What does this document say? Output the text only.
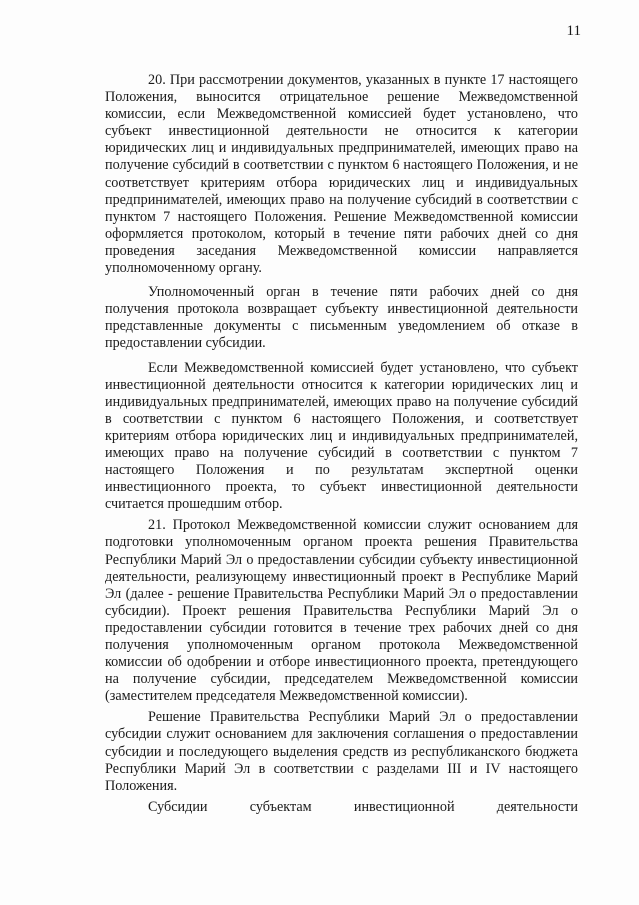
11

20. При рассмотрении документов, указанных в пункте 17 настоящего Положения, выносится отрицательное решение Межведомственной комиссии, если Межведомственной комиссией будет установлено, что субъект инвестиционной деятельности не относится к категории юридических лиц и индивидуальных предпринимателей, имеющих право на получение субсидий в соответствии с пунктом 6 настоящего Положения, и не соответствует критериям отбора юридических лиц и индивидуальных предпринимателей, имеющих право на получение субсидий в соответствии с пунктом 7 настоящего Положения. Решение Межведомственной комиссии оформляется протоколом, который в течение пяти рабочих дней со дня проведения заседания Межведомственной комиссии направляется уполномоченному органу.

Уполномоченный орган в течение пяти рабочих дней со дня получения протокола возвращает субъекту инвестиционной деятельности представленные документы с письменным уведомлением об отказе в предоставлении субсидии.

Если Межведомственной комиссией будет установлено, что субъект инвестиционной деятельности относится к категории юридических лиц и индивидуальных предпринимателей, имеющих право на получение субсидий в соответствии с пунктом 6 настоящего Положения, и соответствует критериям отбора юридических лиц и индивидуальных предпринимателей, имеющих право на получение субсидий в соответствии с пунктом 7 настоящего Положения и по результатам экспертной оценки инвестиционного проекта, то субъект инвестиционной деятельности считается прошедшим отбор.

21. Протокол Межведомственной комиссии служит основанием для подготовки уполномоченным органом проекта решения Правительства Республики Марий Эл о предоставлении субсидии субъекту инвестиционной деятельности, реализующему инвестиционный проект в Республике Марий Эл (далее - решение Правительства Республики Марий Эл о предоставлении субсидии). Проект решения Правительства Республики Марий Эл о предоставлении субсидии готовится в течение трех рабочих дней со дня получения уполномоченным органом протокола Межведомственной комиссии об одобрении и отборе инвестиционного проекта, претендующего на получение субсидии, председателем Межведомственной комиссии (заместителем председателя Межведомственной комиссии).

Решение Правительства Республики Марий Эл о предоставлении субсидии служит основанием для заключения соглашения о предоставлении субсидии и последующего выделения средств из республиканского бюджета Республики Марий Эл в соответствии с разделами III и IV настоящего Положения.

Субсидии субъектам инвестиционной деятельности
